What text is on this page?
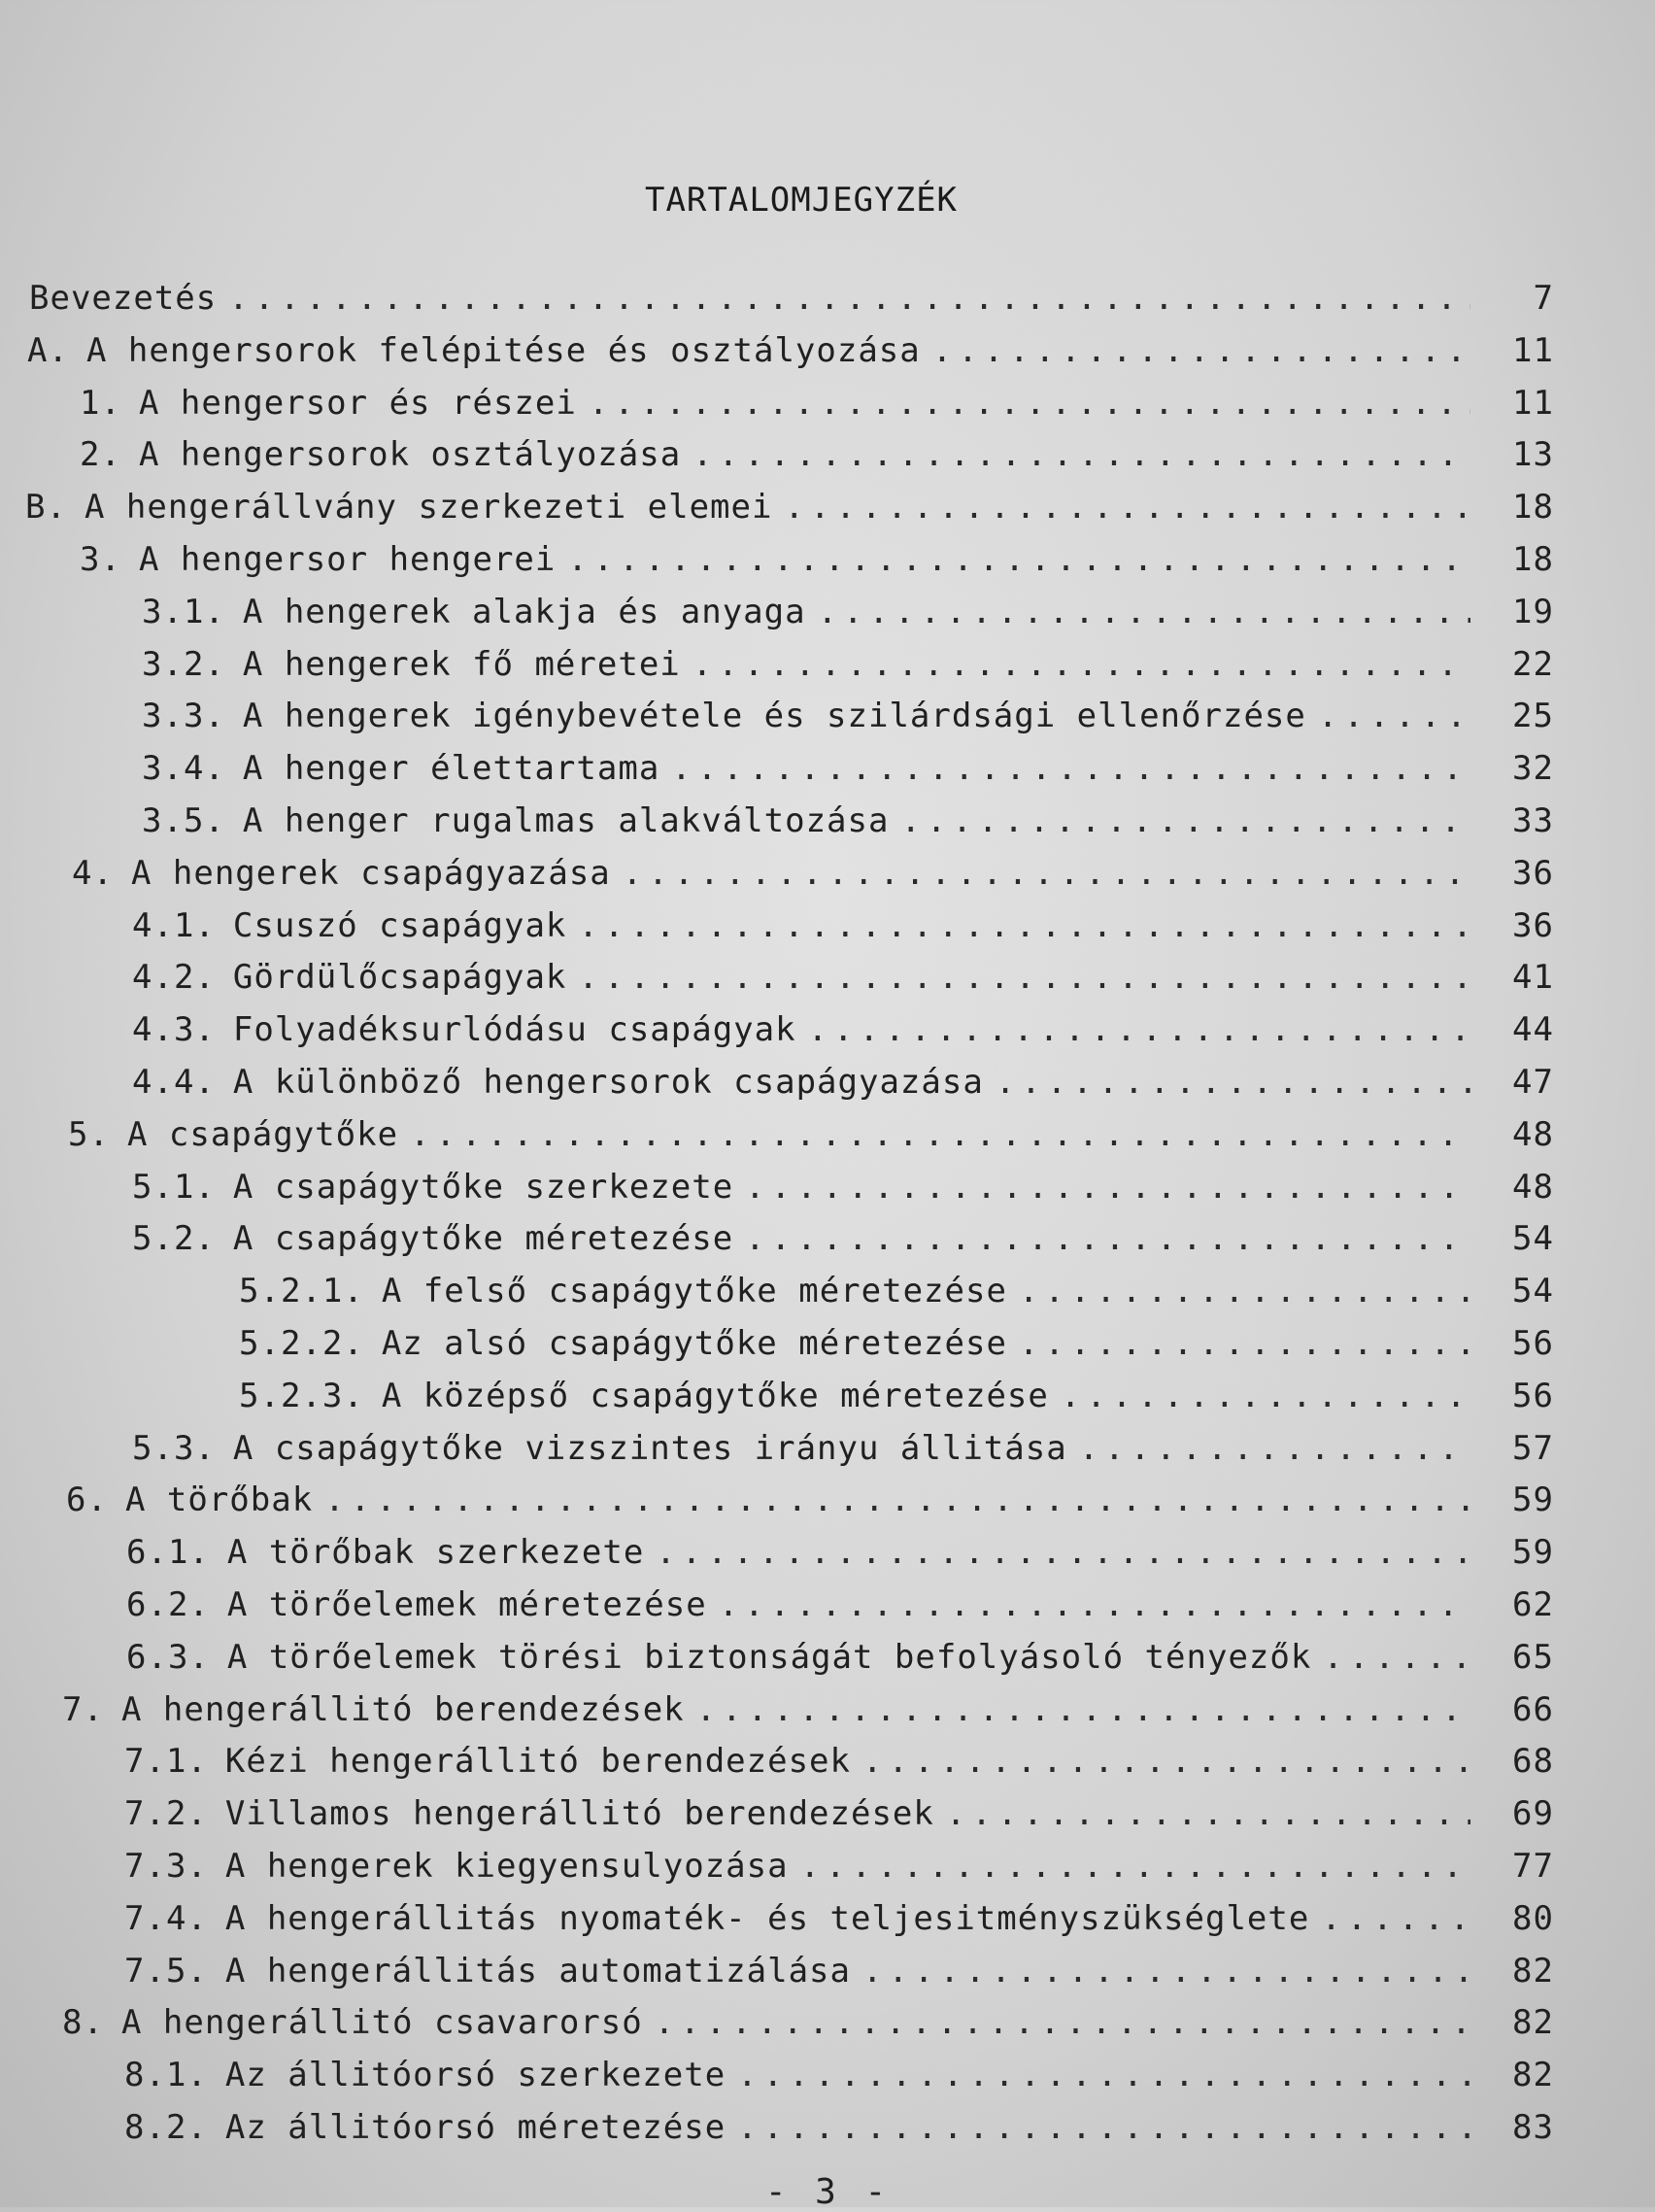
TARTALOMJEGYZÉK
Bevezetés .....	7
A. A hengersorok felépitése és osztályozása .....	11
1. A hengersor és részei .....	11
2. A hengersorok osztályozása .....	13
B. A hengerállvány szerkezeti elemei .....	18
3. A hengersor hengerei .....	18
3.1. A hengerek alakja és anyaga .....	19
3.2. A hengerek fő méretei .....	22
3.3. A hengerek igénybevétele és szilárdsági ellenőrzése .....	25
3.4. A henger élettartama .....	32
3.5. A henger rugalmas alakváltozása .....	33
4. A hengerek csapágyazása .....	36
4.1. Csuszó csapágyak .....	36
4.2. Gördülőcsapágyak .....	41
4.3. Folyadéksurlódásu csapágyak .....	44
4.4. A különböző hengersorok csapágyazása .....	47
5. A csapágytőke .....	48
5.1. A csapágytőke szerkezete .....	48
5.2. A csapágytőke méretezése .....	54
5.2.1. A felső csapágytőke méretezése .....	54
5.2.2. Az alsó csapágytőke méretezése .....	56
5.2.3. A középső csapágytőke méretezése .....	56
5.3. A csapágytőke vizszintes irányu állitása .....	57
6. A törőbak .....	59
6.1. A törőbak szerkezete .....	59
6.2. A törőelemek méretezése .....	62
6.3. A törőelemek törési biztonságát befolyásoló tényezők .....	65
7. A hengerállitó berendezések .....	66
7.1. Kézi hengerállitó berendezések .....	68
7.2. Villamos hengerállitó berendezések .....	69
7.3. A hengerek kiegyensulyozása .....	77
7.4. A hengerállitás nyomaték- és teljesitményszükséglete .....	80
7.5. A hengerállitás automatizálása .....	82
8. A hengerállitó csavarorsó .....	82
8.1. Az állitóorsó szerkezete .....	82
8.2. Az állitóorsó méretezése .....	83
- 3 -
